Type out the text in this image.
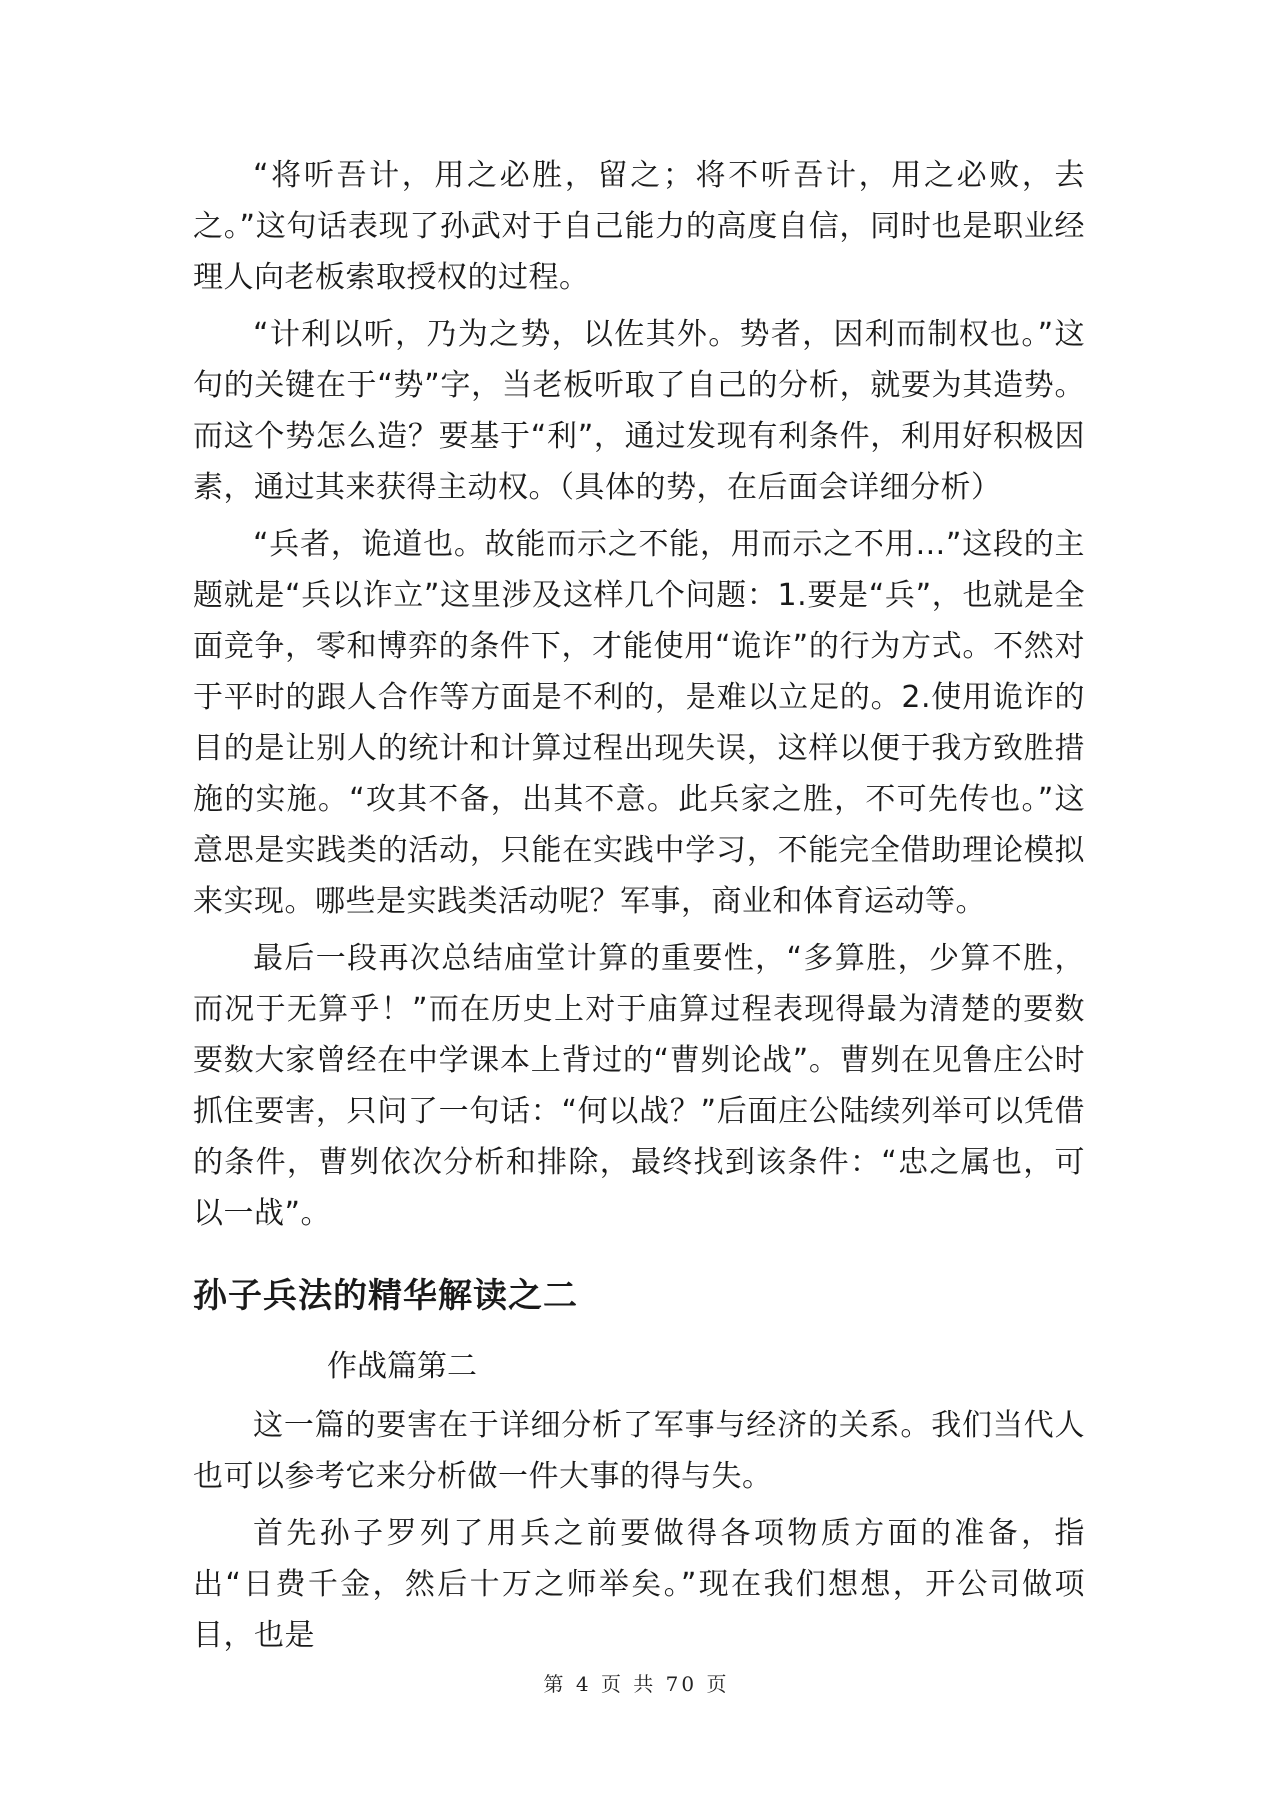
“将听吾计，用之必胜，留之；将不听吾计，用之必败，去之。”这句话表现了孙武对于自己能力的高度自信，同时也是职业经理人向老板索取授权的过程。

“计利以听，乃为之势，以佐其外。势者，因利而制权也。”这句的关键在于“势”字，当老板听取了自己的分析，就要为其造势。而这个势怎么造？要基于“利”，通过发现有利条件，利用好积极因素，通过其来获得主动权。（具体的势，在后面会详细分析）

“兵者，诡道也。故能而示之不能，用而示之不用…”这段的主题就是“兵以诈立”这里涉及这样几个问题：1.要是“兵”，也就是全面竞争，零和博弈的条件下，才能使用“诡诈”的行为方式。不然对于平时的跟人合作等方面是不利的，是难以立足的。2.使用诡诈的目的是让别人的统计和计算过程出现失误，这样以便于我方致胜措施的实施。“攻其不备，出其不意。此兵家之胜，不可先传也。”这意思是实践类的活动，只能在实践中学习，不能完全借助理论模拟来实现。哪些是实践类活动呢？军事，商业和体育运动等。

最后一段再次总结庙堂计算的重要性，“多算胜，少算不胜，而况于无算乎！”而在历史上对于庙算过程表现得最为清楚的要数要数大家曾经在中学课本上背过的“曹刿论战”。曹刿在见鲁庄公时抓住要害，只问了一句话：“何以战？”后面庄公陆续列举可以凭借的条件，曹刿依次分析和排除，最终找到该条件：“忠之属也，可以一战”。

孙子兵法的精华解读之二
作战篇第二

这一篇的要害在于详细分析了军事与经济的关系。我们当代人也可以参考它来分析做一件大事的得与失。

首先孙子罗列了用兵之前要做得各项物质方面的准备，指出“日费千金，然后十万之师举矣。”现在我们想想，开公司做项目，也是

第 4 页 共 70 页
